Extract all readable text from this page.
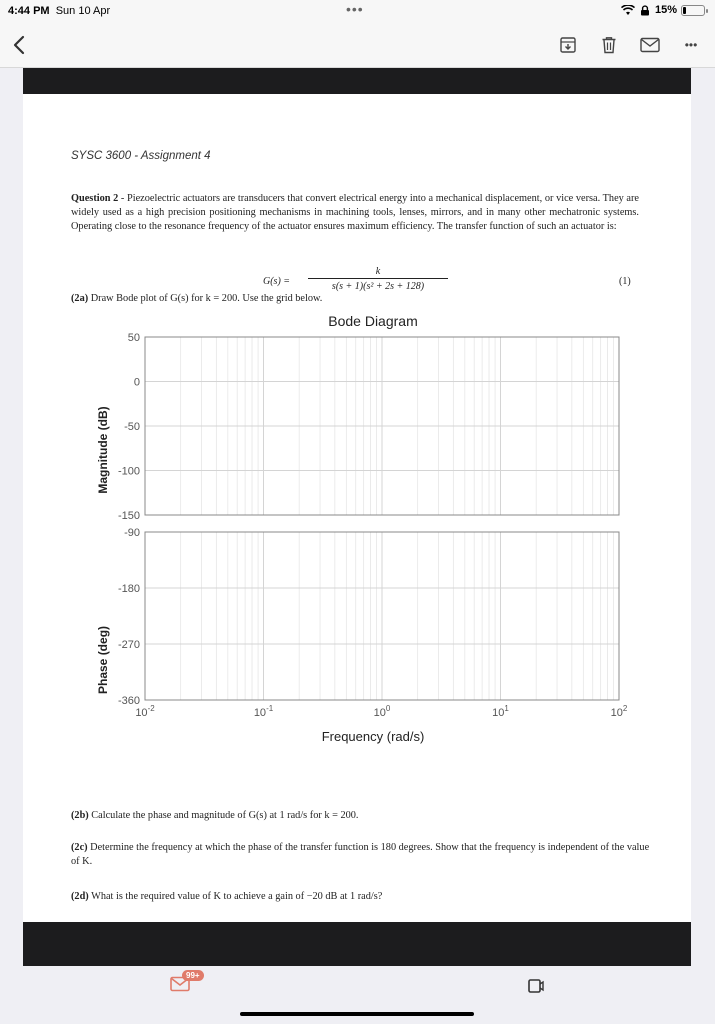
4:44 PM Sun 10 Apr	•••	15%
•••
SYSC 3600 - Assignment 4
Question 2 - Piezoelectric actuators are transducers that convert electrical energy into a mechanical displacement, or vice versa. They are widely used as a high precision positioning mechanisms in machining tools, lenses, mirrors, and in many other mechatronic systems. Operating close to the resonance frequency of the actuator ensures maximum efficiency. The transfer function of such an actuator is:
$G(s) = \frac{k}{\text{s(s + 1)(s² + 2s + 128)}}$	(1)
(2a) Draw Bode plot of G(s) for k = 200. Use the grid below.
Bode Diagram
Magnitude (dB)
Phase (deg)
Frequency (rad/s)
50
0
-50
-100
-150
-90
-180
-270
-360
$10^{-2}$	$10^{-1}$	$10^0$	$10^1$	$10^2$
(2b) Calculate the phase and magnitude of G(s) at 1 rad/s for k = 200.
(2c) Determine the frequency at which the phase of the transfer function is 180 degrees. Show that the frequency is independent of the value of K.
(2d) What is the required value of K to achieve a gain of −20 dB at 1 rad/s?
99+
